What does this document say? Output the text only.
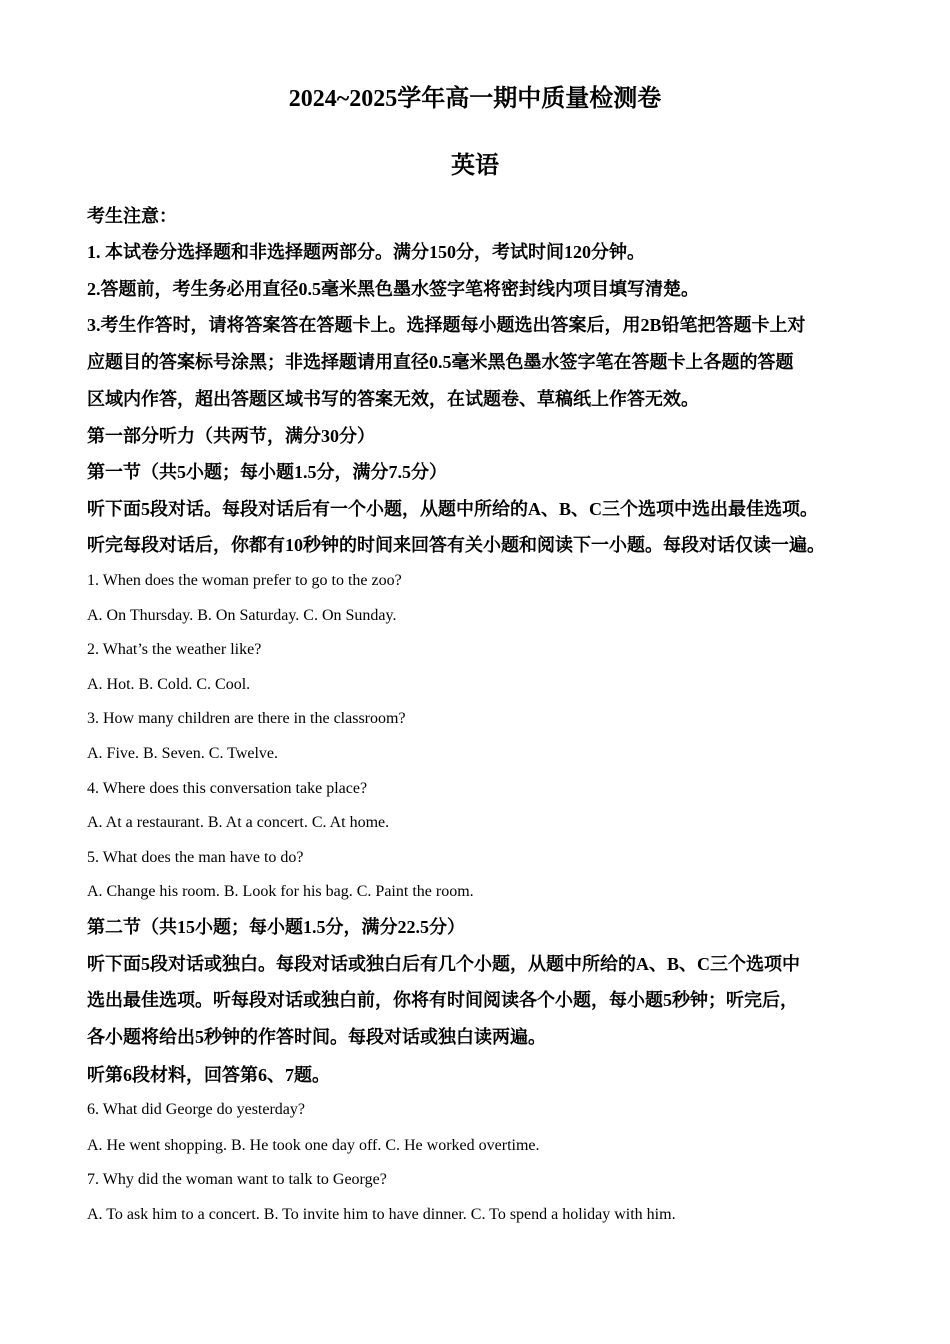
2024~2025学年高一期中质量检测卷
英语

考生注意：

1. 本试卷分选择题和非选择题两部分。满分150分，考试时间120分钟。

2.答题前，考生务必用直径0.5毫米黑色墨水签字笔将密封线内项目填写清楚。

3.考生作答时，请将答案答在答题卡上。选择题每小题选出答案后，用2B铅笔把答题卡上对

应题目的答案标号涂黑；非选择题请用直径0.5毫米黑色墨水签字笔在答题卡上各题的答题

区域内作答，超出答题区域书写的答案无效，在试题卷、草稿纸上作答无效。

第一部分听力（共两节，满分30分）

第一节（共5小题；每小题1.5分，满分7.5分）

听下面5段对话。每段对话后有一个小题，从题中所给的A、B、C三个选项中选出最佳选项。

听完每段对话后，你都有10秒钟的时间来回答有关小题和阅读下一小题。每段对话仅读一遍。

1. When does the woman prefer to go to the zoo?

A. On Thursday. B. On Saturday. C. On Sunday.

2. What’s the weather like?

A. Hot. B. Cold. C. Cool.

3. How many children are there in the classroom?

A. Five. B. Seven. C. Twelve.

4. Where does this conversation take place?

A. At a restaurant. B. At a concert. C. At home.

5. What does the man have to do?

A. Change his room. B. Look for his bag. C. Paint the room.

第二节（共15小题；每小题1.5分，满分22.5分）

听下面5段对话或独白。每段对话或独白后有几个小题，从题中所给的A、B、C三个选项中

选出最佳选项。听每段对话或独白前，你将有时间阅读各个小题，每小题5秒钟；听完后，

各小题将给出5秒钟的作答时间。每段对话或独白读两遍。

听第6段材料，回答第6、7题。

6. What did George do yesterday?

A. He went shopping. B. He took one day off. C. He worked overtime.

7. Why did the woman want to talk to George?

A. To ask him to a concert. B. To invite him to have dinner. C. To spend a holiday with him.
